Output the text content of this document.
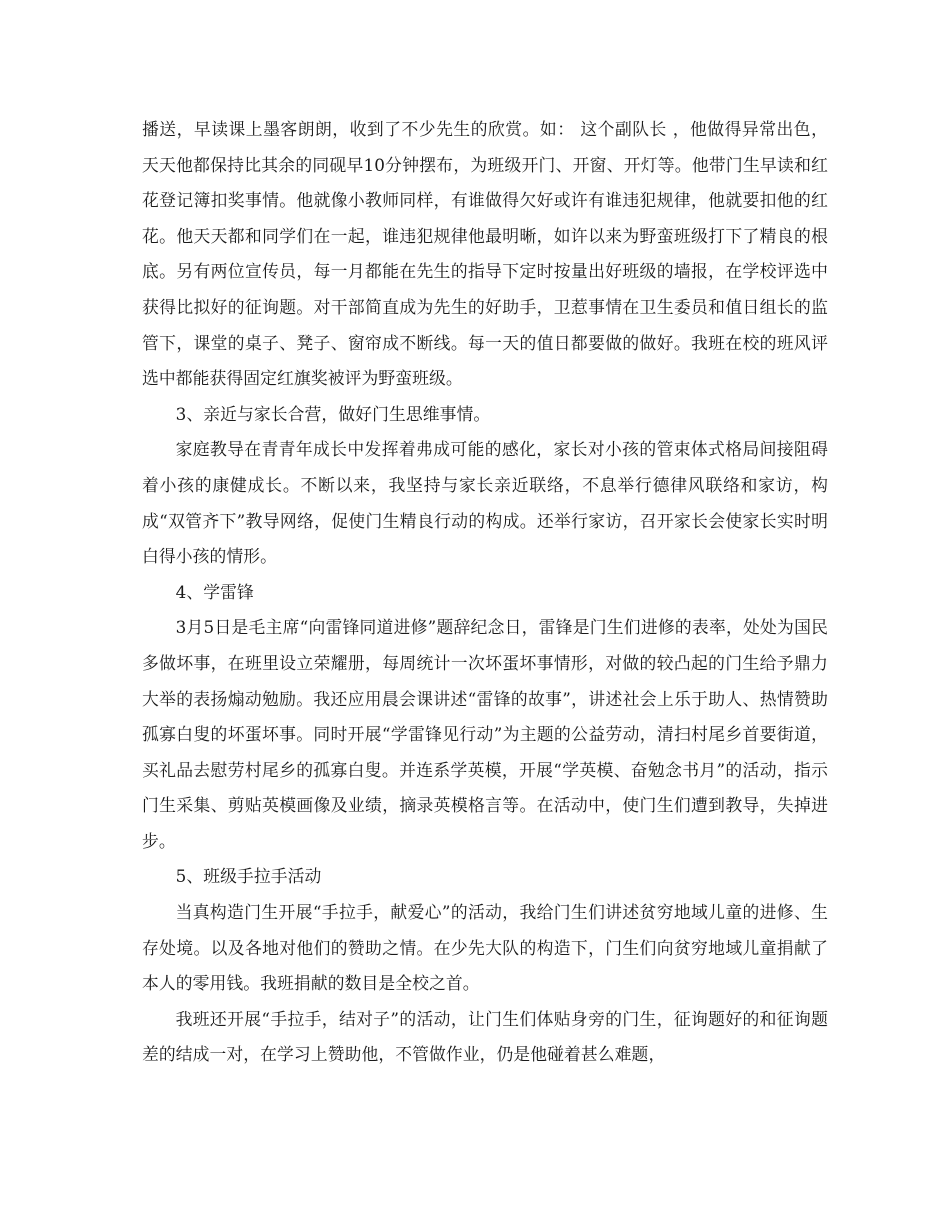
播送，早读课上墨客朗朗，收到了不少先生的欣赏。如： 这个副队长 ，他做得异常出色，天天他都保持比其余的同砚早10分钟摆布，为班级开门、开窗、开灯等。他带门生早读和红花登记簿扣奖事情。他就像小教师同样，有谁做得欠好或许有谁违犯规律，他就要扣他的红花。他天天都和同学们在一起，谁违犯规律他最明晰，如许以来为野蛮班级打下了精良的根底。另有两位宣传员，每一月都能在先生的指导下定时按量出好班级的墙报，在学校评选中获得比拟好的征询题。对干部简直成为先生的好助手，卫惹事情在卫生委员和值日组长的监管下，课堂的桌子、凳子、窗帘成不断线。每一天的值日都要做的做好。我班在校的班风评选中都能获得固定红旗奖被评为野蛮班级。

3、亲近与家长合营，做好门生思维事情。

家庭教导在青青年成长中发挥着弗成可能的感化，家长对小孩的管束体式格局间接阻碍着小孩的康健成长。不断以来，我坚持与家长亲近联络，不息举行德律风联络和家访，构成“双管齐下”教导网络，促使门生精良行动的构成。还举行家访，召开家长会使家长实时明白得小孩的情形。

4、学雷锋

3月5日是毛主席“向雷锋同道进修”题辞纪念日，雷锋是门生们进修的表率，处处为国民多做坏事，在班里设立荣耀册，每周统计一次坏蛋坏事情形，对做的较凸起的门生给予鼎力大举的表扬煽动勉励。我还应用晨会课讲述“雷锋的故事”，讲述社会上乐于助人、热情赞助孤寡白叟的坏蛋坏事。同时开展“学雷锋见行动”为主题的公益劳动，清扫村尾乡首要街道，买礼品去慰劳村尾乡的孤寡白叟。并连系学英模，开展“学英模、奋勉念书月”的活动，指示门生采集、剪贴英模画像及业绩，摘录英模格言等。在活动中，使门生们遭到教导，失掉进步。

5、班级手拉手活动

当真构造门生开展“手拉手，献爱心”的活动，我给门生们讲述贫穷地域儿童的进修、生存处境。以及各地对他们的赞助之情。在少先大队的构造下，门生们向贫穷地域儿童捐献了本人的零用钱。我班捐献的数目是全校之首。

我班还开展“手拉手，结对子”的活动，让门生们体贴身旁的门生，征询题好的和征询题差的结成一对，在学习上赞助他，不管做作业，仍是他碰着甚么难题，
